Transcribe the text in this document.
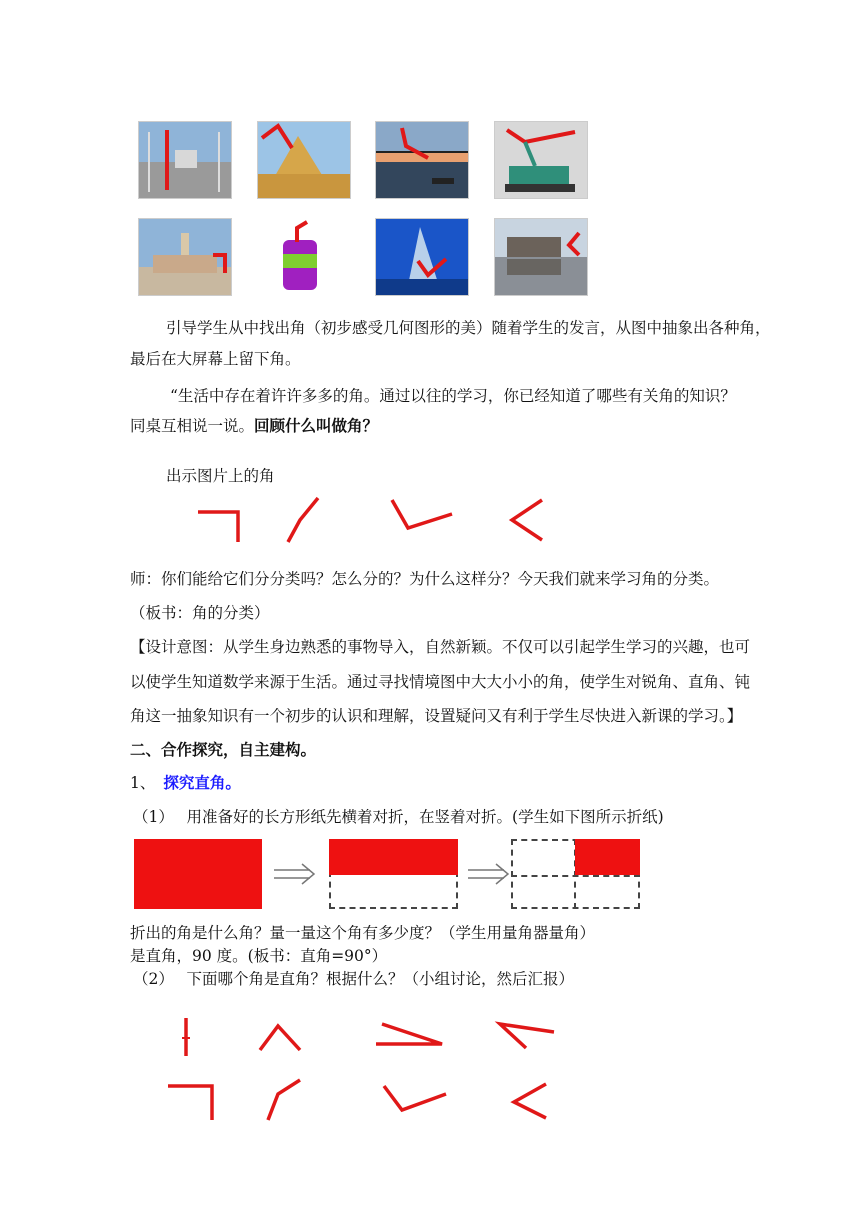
引导学生从中找出角（初步感受几何图形的美）随着学生的发言，从图中抽象出各种角，
最后在大屏幕上留下角。
“生活中存在着许许多多的角。通过以往的学习，你已经知道了哪些有关角的知识？
同桌互相说一说。回顾什么叫做角？
出示图片上的角
师：你们能给它们分分类吗？怎么分的？为什么这样分？今天我们就来学习角的分类。
（板书：角的分类）
【设计意图：从学生身边熟悉的事物导入，自然新颖。不仅可以引起学生学习的兴趣，也可
以使学生知道数学来源于生活。通过寻找情境图中大大小小的角，使学生对锐角、直角、钝
角这一抽象知识有一个初步的认识和理解，设置疑问又有利于学生尽快进入新课的学习。】
二、合作探究，自主建构。
1、 探究直角。
（1）　 用准备好的长方形纸先横着对折，在竖着对折。(学生如下图所示折纸)
折出的角是什么角？量一量这个角有多少度？（学生用量角器量角）
是直角，90 度。(板书：直角=90°）
（2）　 下面哪个角是直角？根据什么？（小组讨论，然后汇报）
